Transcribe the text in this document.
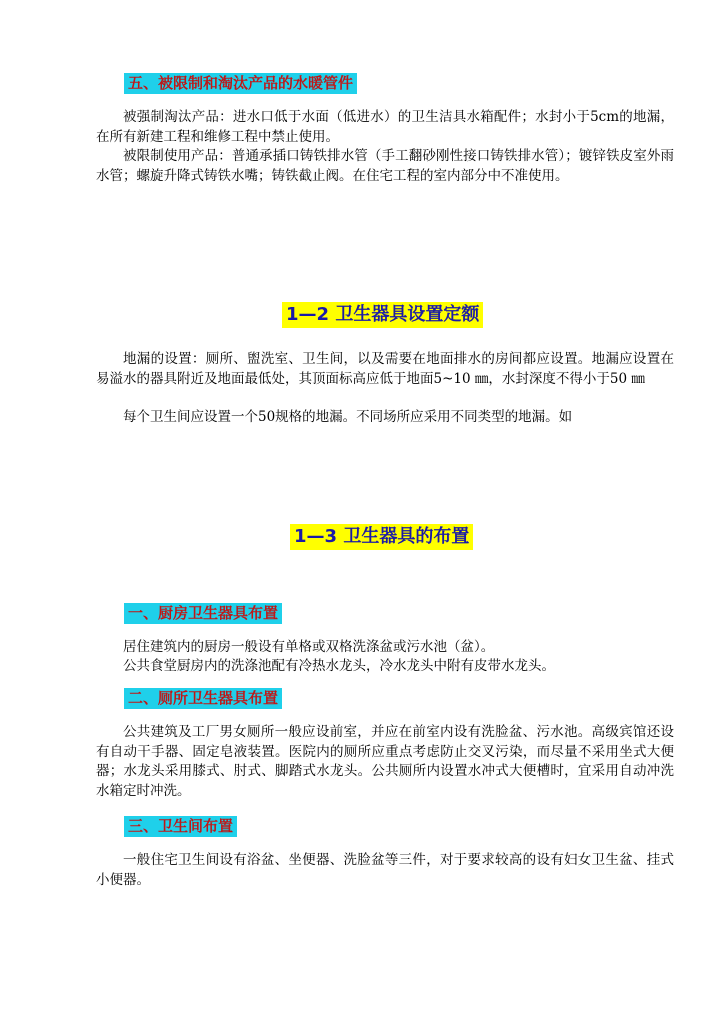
五、被限制和淘汰产品的水暖管件

被强制淘汰产品：进水口低于水面（低进水）的卫生洁具水箱配件；水封小于5cm的地漏，在所有新建工程和维修工程中禁止使用。

被限制使用产品：普通承插口铸铁排水管（手工翻砂刚性接口铸铁排水管）；镀锌铁皮室外雨水管；螺旋升降式铸铁水嘴；铸铁截止阀。在住宅工程的室内部分中不准使用。

1—2 卫生器具设置定额

地漏的设置：厕所、盥洗室、卫生间，以及需要在地面排水的房间都应设置。地漏应设置在易溢水的器具附近及地面最低处，其顶面标高应低于地面5~10 ㎜，水封深度不得小于50 ㎜

每个卫生间应设置一个50规格的地漏。不同场所应采用不同类型的地漏。如

1—3 卫生器具的布置
一、厨房卫生器具布置

居住建筑内的厨房一般设有单格或双格洗涤盆或污水池（盆）。

公共食堂厨房内的洗涤池配有冷热水龙头，冷水龙头中附有皮带水龙头。

二、厕所卫生器具布置

公共建筑及工厂男女厕所一般应设前室，并应在前室内设有洗脸盆、污水池。高级宾馆还设有自动干手器、固定皂液装置。医院内的厕所应重点考虑防止交叉污染，而尽量不采用坐式大便器；水龙头采用膝式、肘式、脚踏式水龙头。公共厕所内设置水冲式大便槽时，宜采用自动冲洗水箱定时冲洗。

三、卫生间布置

一般住宅卫生间设有浴盆、坐便器、洗脸盆等三件，对于要求较高的设有妇女卫生盆、挂式小便器。
